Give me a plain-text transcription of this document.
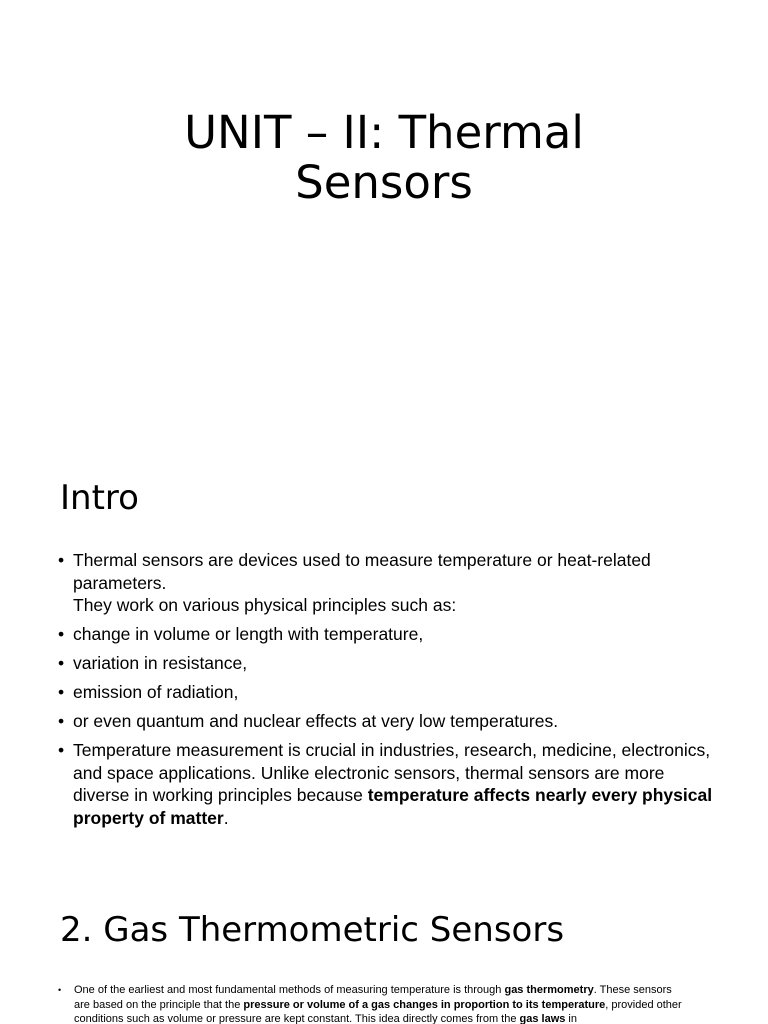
UNIT – II: Thermal
Sensors
Intro
• Thermal sensors are devices used to measure temperature or heat-related
parameters.
They work on various physical principles such as:
• change in volume or length with temperature,
• variation in resistance,
• emission of radiation,
• or even quantum and nuclear effects at very low temperatures.
• Temperature measurement is crucial in industries, research, medicine, electronics, and space applications. Unlike electronic sensors, thermal sensors are more diverse in working principles because temperature affects nearly every physical property of matter.
2. Gas Thermometric Sensors
• One of the earliest and most fundamental methods of measuring temperature is through gas thermometry. These sensors are based on the principle that the pressure or volume of a gas changes in proportion to its temperature, provided other conditions such as volume or pressure are kept constant. This idea directly comes from the gas laws in
